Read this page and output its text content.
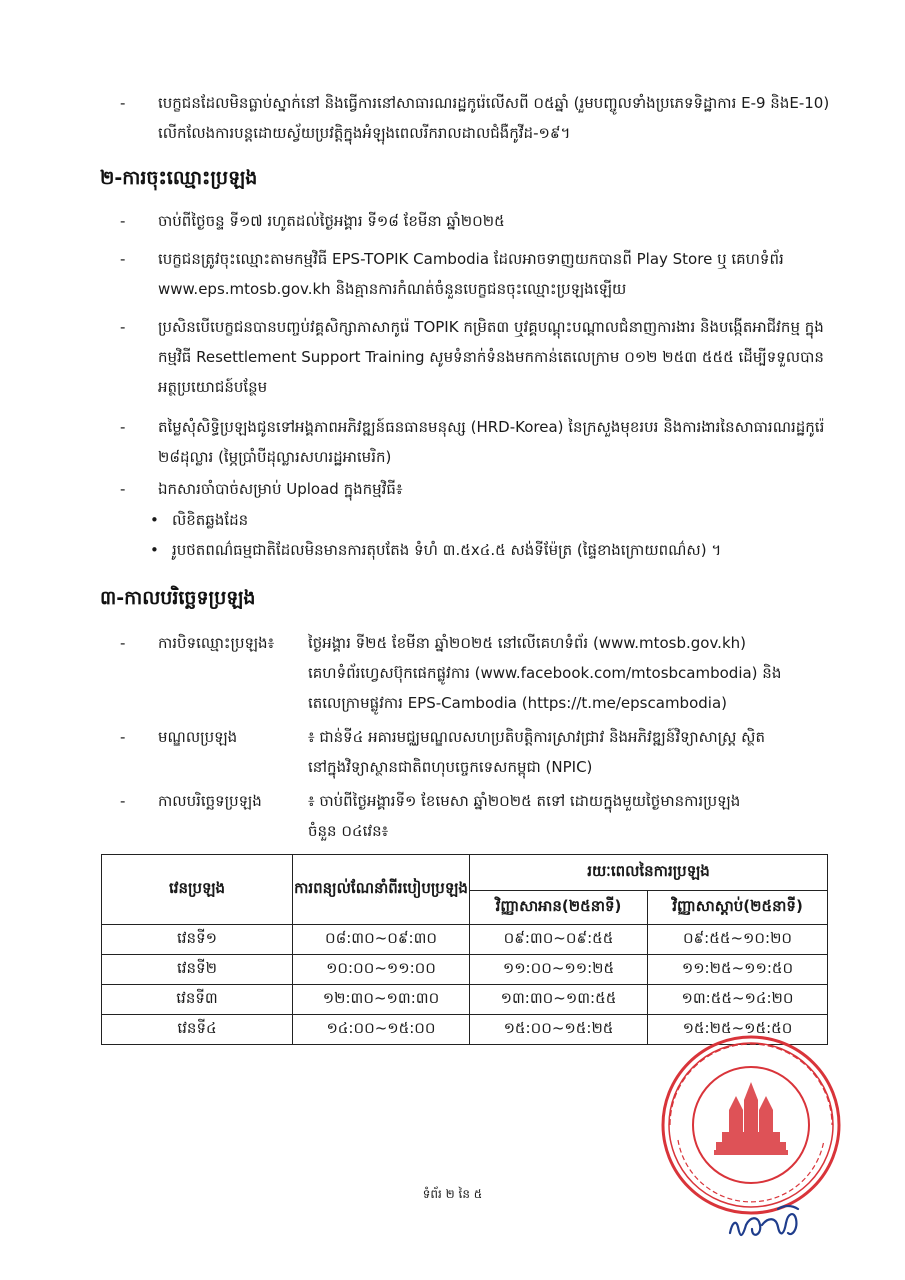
-	បេក្ខជនដែលមិនធ្លាប់ស្នាក់នៅ និងធ្វើការនៅសាធារណរដ្ឋកូរ៉េលើសពី ០៥ឆ្នាំ (រួមបញ្ចូលទាំងប្រភេទទិដ្ឋាការ E-9 និងE-10) លើកលែងការបន្តដោយស្វ័យប្រវត្តិក្នុងអំឡុងពេលរីករាលដាលជំងឺកូវីដ-១៩។
២-ការចុះឈ្មោះប្រឡង
-	ចាប់ពីថ្ងៃចន្ទ ទី១៧ រហូតដល់ថ្ងៃអង្គារ ទី១៨ ខែមីនា ឆ្នាំ២០២៥
-	បេក្ខជនត្រូវចុះឈ្មោះតាមកម្មវិធី EPS-TOPIK Cambodia ដែលអាចទាញយកបានពី Play Store ឬ គេហទំព័រ www.eps.mtosb.gov.kh និងគ្មានការកំណត់ចំនួនបេក្ខជនចុះឈ្មោះប្រឡងឡើយ
-	ប្រសិនបើបេក្ខជនបានបញ្ចប់វគ្គសិក្សាភាសាកូរ៉េ TOPIK កម្រិត៣ ឬវគ្គបណ្តុះបណ្តាលជំនាញការងារ និងបង្កើតអាជីវកម្ម ក្នុងកម្មវិធី Resettlement Support Training សូមទំនាក់ទំនងមកកាន់តេលេក្រាម ០១២ ២៥៣ ៥៥៥ ដើម្បីទទួលបានអត្ថប្រយោជន៍បន្ថែម
-	តម្លៃសុំសិទ្ធិប្រឡងជូនទៅអង្គភាពអភិវឌ្ឍន៍ធនធានមនុស្ស (HRD-Korea) នៃក្រសួងមុខរបរ និងការងារនៃសាធារណរដ្ឋកូរ៉េ ២៨ដុល្លារ (ម្ភៃប្រាំបីដុល្លារសហរដ្ឋអាមេរិក)
-	ឯកសារចាំបាច់សម្រាប់ Upload ក្នុងកម្មវិធី៖
• លិខិតឆ្លងដែន
• រូបថតពណ៌ធម្មជាតិដែលមិនមានការតុបតែង ទំហំ ៣.៥x៤.៥ សង់ទីម៉ែត្រ (ផ្ទៃខាងក្រោយពណ៌ស) ។
៣-កាលបរិច្ឆេទប្រឡង
- ការបិទឈ្មោះប្រឡង៖ ថ្ងៃអង្គារ ទី២៥ ខែមីនា ឆ្នាំ២០២៥ នៅលើគេហទំព័រ (www.mtosb.gov.kh)
គេហទំព័រហ្វេសប៊ុកផេកផ្លូវការ (www.facebook.com/mtosbcambodia) និង
តេលេក្រាមផ្លូវការ EPS-Cambodia (https://t.me/epscambodia)
- មណ្ឌលប្រឡង	៖ ជាន់ទី៤ អគារមជ្ឈមណ្ឌលសហប្រតិបត្តិការស្រាវជ្រាវ និងអភិវឌ្ឍន៍វិទ្យាសាស្ត្រ ស្ថិត
នៅក្នុងវិទ្យាស្ថានជាតិពហុបច្ចេកទេសកម្ពុជា (NPIC)
- កាលបរិច្ឆេទប្រឡង	៖ ចាប់ពីថ្ងៃអង្គារទី១ ខែមេសា ឆ្នាំ២០២៥ តទៅ ដោយក្នុងមួយថ្ងៃមានការប្រឡង
ចំនួន ០៤វេន៖
វេនប្រឡង	ការពន្យល់ណែនាំពីរបៀបប្រឡង	រយៈពេលនៃការប្រឡង	
		វិញ្ញាសាអាន(២៥នាទី)	វិញ្ញាសាស្តាប់(២៥នាទី)
វេនទី១	០៨:៣០~០៩:៣០	០៩:៣០~០៩:៥៥	០៩:៥៥~១០:២០
វេនទី២	១០:០០~១១:០០	១១:០០~១១:២៥	១១:២៥~១១:៥០
វេនទី៣	១២:៣០~១៣:៣០	១៣:៣០~១៣:៥៥	១៣:៥៥~១៤:២០
វេនទី៤	១៤:០០~១៥:០០	១៥:០០~១៥:២៥	១៥:២៥~១៥:៥០
ទំព័រ ២ នៃ ៥
